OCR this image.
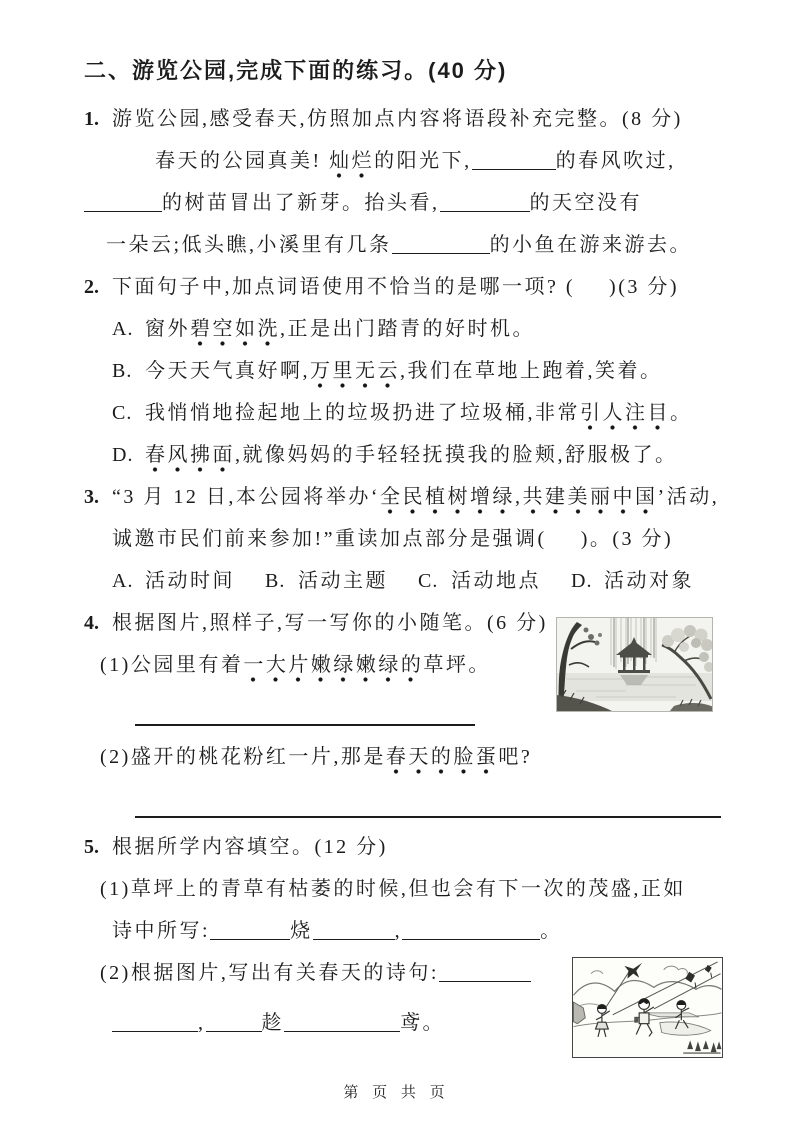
二、游览公园,完成下面的练习。(40 分)
1. 游览公园,感受春天,仿照加点内容将语段补充完整。(8 分)
春天的公园真美! 灿烂的阳光下,	的春风吹过,
的树苗冒出了新芽。抬头看,	的天空没有
一朵云;低头瞧,小溪里有几条	的小鱼在游来游去。
2. 下面句子中,加点词语使用不恰当的是哪一项? ( )(3 分)
A. 窗外碧空如洗,正是出门踏青的好时机。
B. 今天天气真好啊,万里无云,我们在草地上跑着,笑着。
C. 我悄悄地捡起地上的垃圾扔进了垃圾桶,非常引人注目。
D. 春风拂面,就像妈妈的手轻轻抚摸我的脸颊,舒服极了。
3. “3 月 12 日,本公园将举办‘全民植树增绿,共建美丽中国’活动,
诚邀市民们前来参加!”重读加点部分是强调( )。(3 分)
A. 活动时间 B. 活动主题 C. 活动地点 D. 活动对象
4. 根据图片,照样子,写一写你的小随笔。(6 分)
(1)公园里有着一大片嫩绿嫩绿的草坪。
(2)盛开的桃花粉红一片,那是春天的脸蛋吧?
5. 根据所学内容填空。(12 分)
(1)草坪上的青草有枯萎的时候,但也会有下一次的茂盛,正如
诗中所写:	烧	,	。
(2)根据图片,写出有关春天的诗句:
,	趁	鸢。
第 页 共 页
